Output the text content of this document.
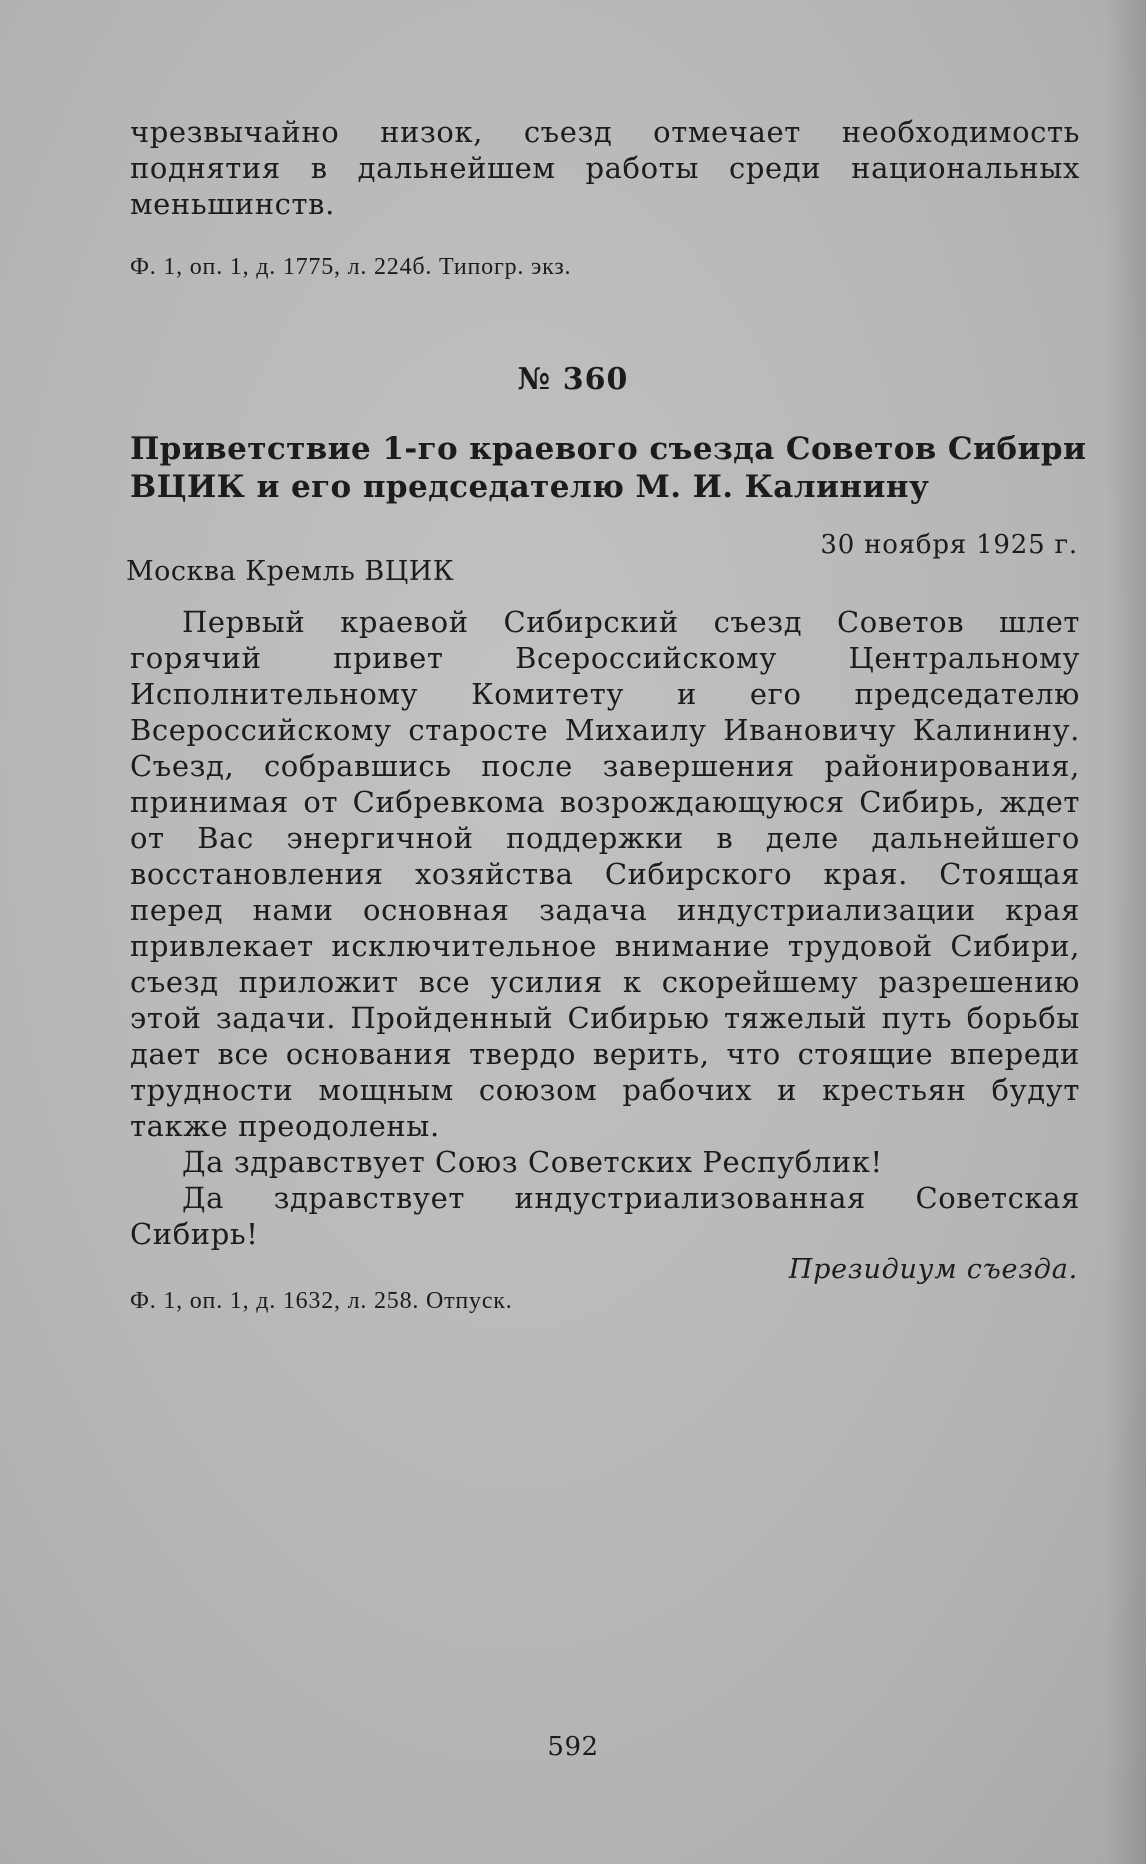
чрезвычайно низок, съезд отмечает необходимость поднятия в дальнейшем работы среди национальных меньшинств.

Ф. 1, оп. 1, д. 1775, л. 224б. Типогр. экз.

№ 360

Приветствие 1-го краевого съезда Советов Сибири ВЦИК и его председателю М. И. Калинину

30 ноября 1925 г.
Москва Кремль ВЦИК

Первый краевой Сибирский съезд Советов шлет горячий привет Всероссийскому Центральному Исполнительному Комитету и его председателю Всероссийскому старосте Михаилу Ивановичу Калинину. Съезд, собравшись после завершения районирования, принимая от Сибревкома возрождающуюся Сибирь, ждет от Вас энергичной поддержки в деле дальнейшего восстановления хозяйства Сибирского края. Стоящая перед нами основная задача индустриализации края привлекает исключительное внимание трудовой Сибири, съезд приложит все усилия к скорейшему разрешению этой задачи. Пройденный Сибирью тяжелый путь борьбы дает все основания твердо верить, что стоящие впереди трудности мощным союзом рабочих и крестьян будут также преодолены.

Да здравствует Союз Советских Республик!

Да здравствует индустриализованная Советская Сибирь!

Президиум съезда.

Ф. 1, оп. 1, д. 1632, л. 258. Отпуск.

592
